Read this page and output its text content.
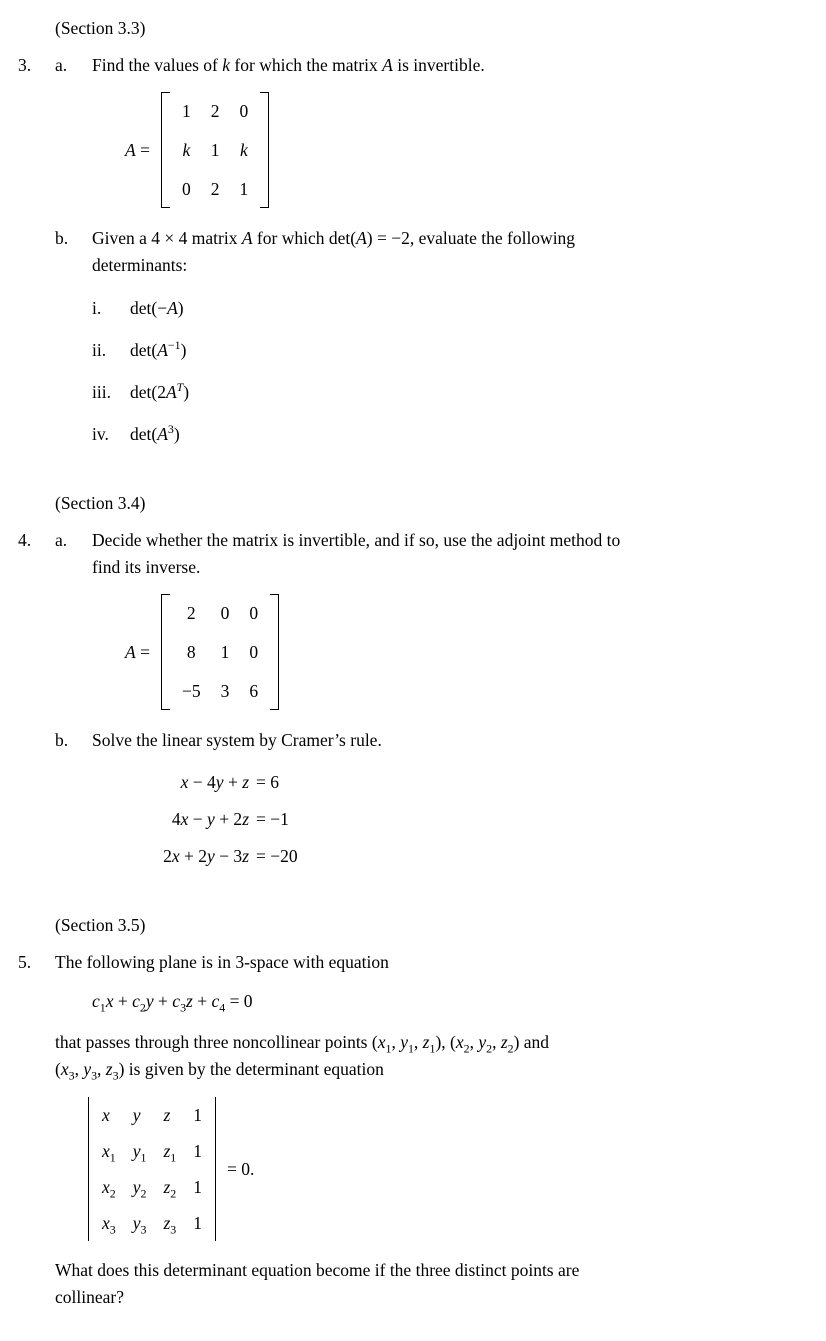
(Section 3.3)
3.	a.	Find the values of k for which the matrix A is invertible.
A =
1 2 0
k 1 k
0 2 1
b.	Given a 4 × 4 matrix A for which det(A) = −2, evaluate the following
determinants:
i.	det(−A)
ii.	$\det(A^{-1})$
iii.	$\det(2A^T)$
iv.	$\det(A^3)$
(Section 3.4)
4.	a.	Decide whether the matrix is invertible, and if so, use the adjoint method to
find its inverse.
A =
2 0 0
8 1 0
−5 3 6
b.	Solve the linear system by Cramer’s rule.
x − 4y + z = 6
4x − y + 2z = −1
2x + 2y − 3z = −20
(Section 3.5)
5.	The following plane is in 3-space with equation
$c_1x + c_2y + c_3z + c_4 = 0$
that passes through three noncollinear points ($x_1$, $y_1$, $z_1$), ($x_2$, $y_2$, $z_2$) and
($x_3$, $y_3$, $z_3$) is given by the determinant equation
x y z 1
$x_1$ $y_1$ $z_1$ 1
$x_2$ $y_2$ $z_2$ 1
$x_3$ $y_3$ $z_3$ 1
= 0.
What does this determinant equation become if the three distinct points are
collinear?
